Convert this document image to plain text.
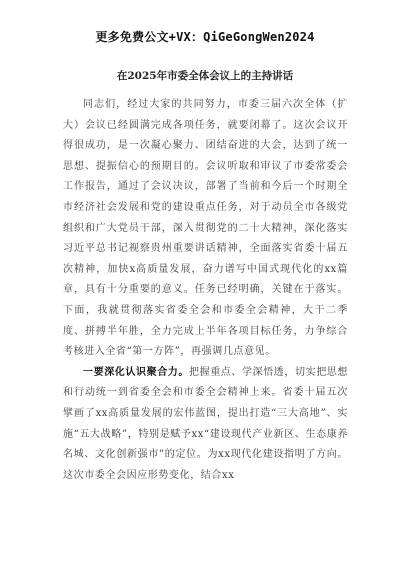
更多免费公文+VX：QiGeGongWen2024
在2025年市委全体会议上的主持讲话

同志们，经过大家的共同努力，市委三届六次全体（扩大）会议已经圆满完成各项任务，就要闭幕了。这次会议开得很成功，是一次凝心聚力、团结奋进的大会，达到了统一思想、提振信心的预期目的。会议听取和审议了市委常委会工作报告，通过了会议决议，部署了当前和今后一个时期全市经济社会发展和党的建设重点任务，对于动员全市各级党组织和广大党员干部，深入贯彻党的二十大精神，深化落实习近平总书记视察贵州重要讲话精神，全面落实省委十届五次精神，加快x高质量发展，奋力谱写中国式现代化的xx篇章，具有十分重要的意义。任务已经明确，关键在于落实。下面，我就贯彻落实省委全会和市委全会精神，大干二季度、拼搏半年胜，全力完成上半年各项目标任务，力争综合考核进入全省“第一方阵”，再强调几点意见。

一要深化认识聚合力。把握重点、学深悟透，切实把思想和行动统一到省委全会和市委全会精神上来。省委十届五次擘画了xx高质量发展的宏伟蓝图，提出打造“三大高地”、实施“五大战略”，特别是赋予xx“建设现代产业新区、生态康养名城、文化创新强市”的定位。为xx现代化建设指明了方向。这次市委全会因应形势变化，结合xx
